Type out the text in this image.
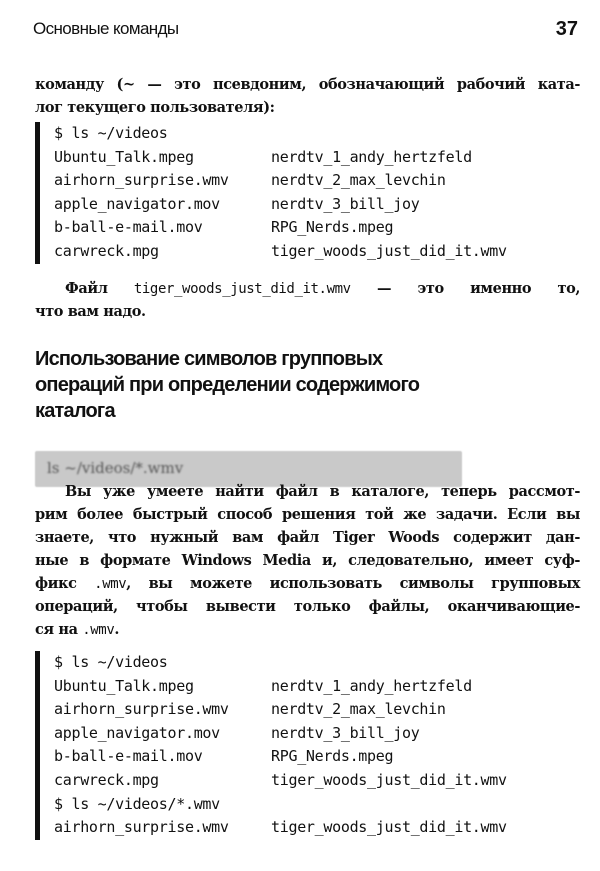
Основные команды	37
команду (~ — это псевдоним, обозначающий рабочий ката-
лог текущего пользователя):
$ ls ~/videos
Ubuntu_Talk.mpeg	nerdtv_1_andy_hertzfeld
airhorn_surprise.wmv	nerdtv_2_max_levchin
apple_navigator.mov	nerdtv_3_bill_joy
b-ball-e-mail.mov	RPG_Nerds.mpeg
carwreck.mpg	tiger_woods_just_did_it.wmv
Файл tiger_woods_just_did_it.wmv — это именно то,
что вам надо.
Использование символов групповых
операций при определении содержимого
каталога
ls ~/videos/*.wmv
Вы уже умеете найти файл в каталоге, теперь рассмот-
рим более быстрый способ решения той же задачи. Если вы
знаете, что нужный вам файл Tiger Woods содержит дан-
ные в формате Windows Media и, следовательно, имеет суф-
фикс .wmv, вы можете использовать символы групповых
операций, чтобы вывести только файлы, оканчивающие-
ся на .wmv.
$ ls ~/videos
Ubuntu_Talk.mpeg	nerdtv_1_andy_hertzfeld
airhorn_surprise.wmv	nerdtv_2_max_levchin
apple_navigator.mov	nerdtv_3_bill_joy
b-ball-e-mail.mov	RPG_Nerds.mpeg
carwreck.mpg	tiger_woods_just_did_it.wmv
$ ls ~/videos/*.wmv
airhorn_surprise.wmv	tiger_woods_just_did_it.wmv
